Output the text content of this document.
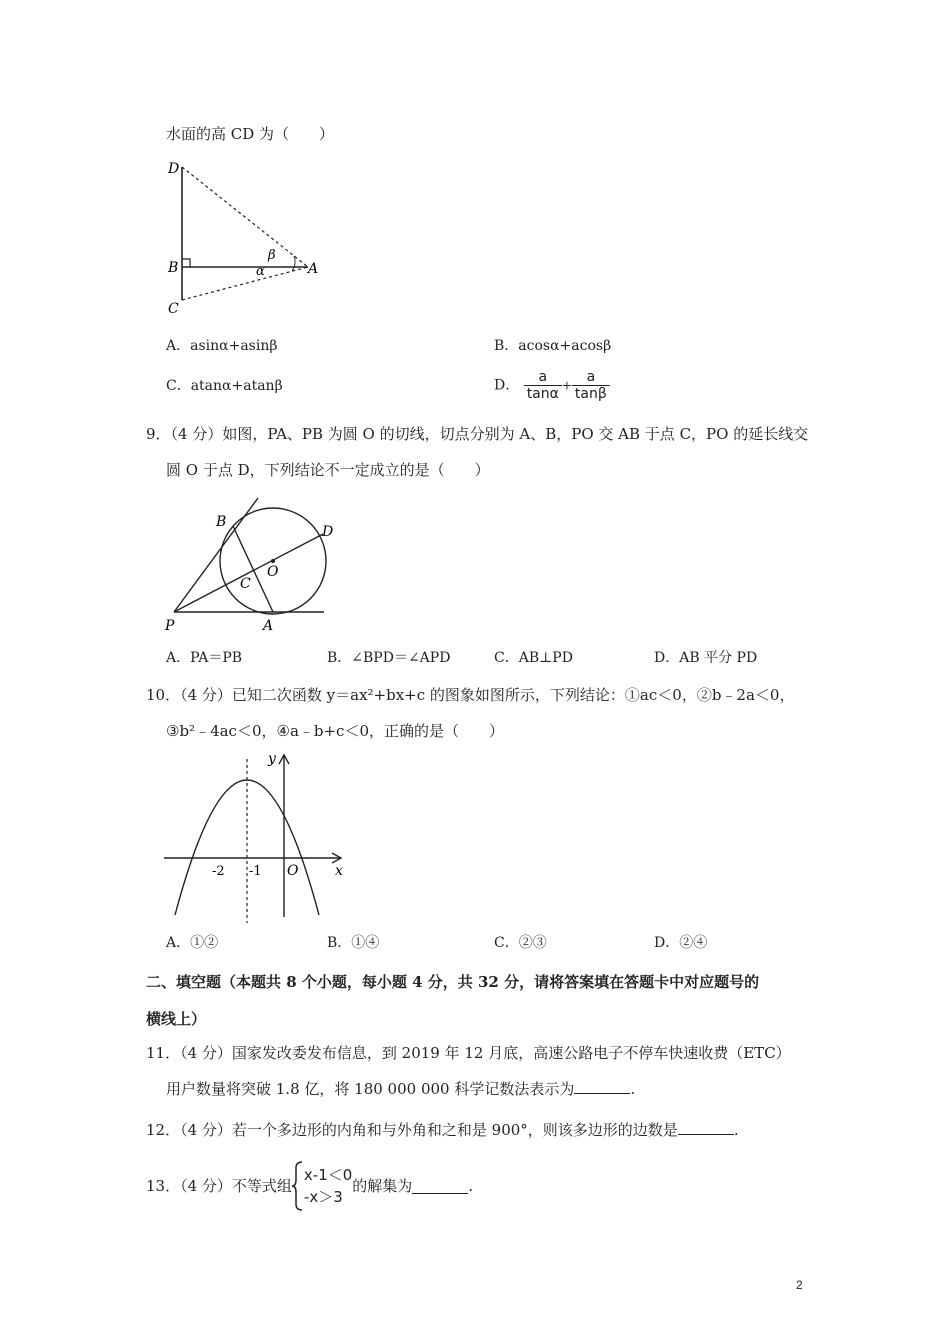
水面的高 CD 为（　　）
D
B
C
A
β
α
A．asinα+asinβ	B．acosα+acosβ
C．atanα+atanβ	D． $\frac{a}{\tan\alpha} + \frac{a}{\tan\beta}$
9．（4 分）如图，PA、PB 为圆 O 的切线，切点分别为 A、B，PO 交 AB 于点 C，PO 的延长线交
圆 O 于点 D，下列结论不一定成立的是（　　）
B
D
O
C
P	A
A．PA＝PB	B．∠BPD＝∠APD	C．AB⊥PD	D．AB 平分 PD
10．（4 分）已知二次函数 y＝ax²+bx+c 的图象如图所示，下列结论：①ac＜0，②b﹣2a＜0，
③b²﹣4ac＜0，④a﹣b+c＜0，正确的是（　　）
-2 -1 O	x
y
A．①②	B．①④	C．②③	D．②④
二、填空题（本题共 8 个小题，每小题 4 分，共 32 分，请将答案填在答题卡中对应题号的
横线上）
11．（4 分）国家发改委发布信息，到 2019 年 12 月底，高速公路电子不停车快速收费（ETC）
用户数量将突破 1.8 亿，将 180 000 000 科学记数法表示为	.
12．（4 分）若一个多边形的内角和与外角和之和是 900°，则该多边形的边数是	.
13．（4 分）不等式组
x-1＜0
-x＞3
的解集为	.
2
